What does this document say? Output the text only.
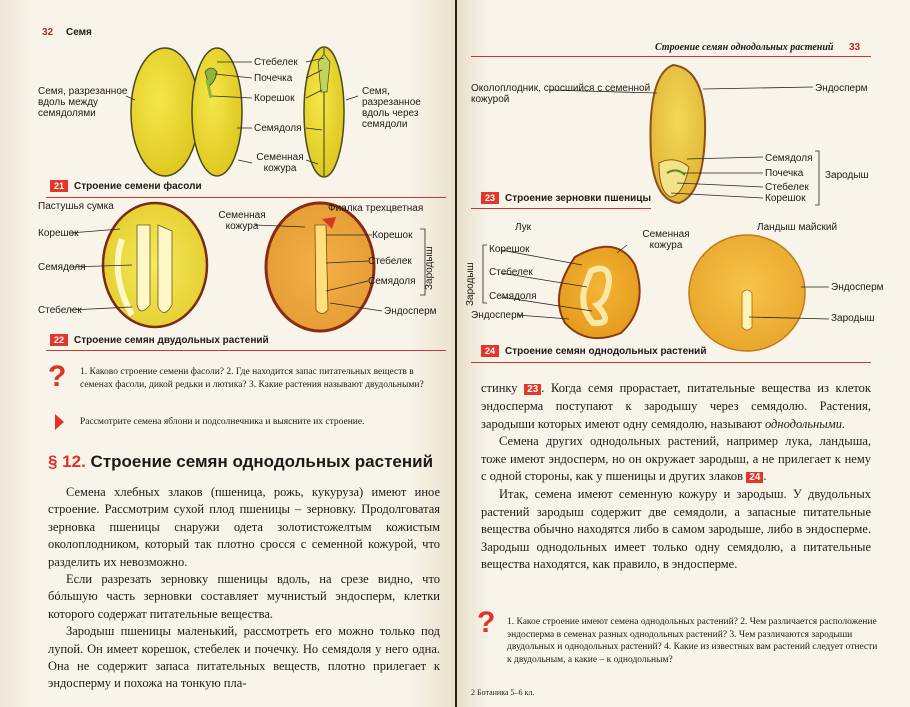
32 Семя
Семя, разрезанное вдоль между семядолями
Семя, разрезанное вдоль через семядоли
Стебелек
Почечка
Корешок
Семядоля
Семенная кожура
21	Строение семени фасоли
Пастушья сумка	Фиалка трехцветная
Семенная кожура
Корешок
Семядоля
Стебелек
Корешок
Стебелек
Семядоля
Эндосперм
Зародыш
22	Строение семян двудольных растений
? 1. Каково строение семени фасоли? 2. Где находится запас питательных веществ в семенах фасоли, дикой редьки и лютика? 3. Какие растения называют двудольными?
Рассмотрите семена яблони и подсолнечника и выясните их строение.
§ 12. Строение семян однодольных растений

Семена хлебных злаков (пшеница, рожь, кукуруза) имеют иное строение. Рассмотрим сухой плод пшеницы – зерновку. Продолговатая зерновка пшеницы снаружи одета золотистожелтым кожистым околоплодником, который так плотно сросся с семенной кожурой, что разделить их невозможно.

Если разрезать зерновку пшеницы вдоль, на срезе видно, что бóльшую часть зерновки составляет мучнистый эндосперм, клетки которого содержат питательные вещества.

Зародыш пшеницы маленький, рассмотреть его можно только под лупой. Он имеет корешок, стебелек и почечку. Но семядоля у него одна. Она не содержит запаса питательных веществ, плотно прилегает к эндосперму и похожа на тонкую пла-

Строение семян однодольных растений 33
Околоплодник, сросшийся с семенной кожурой
Эндосперм
Семядоля
Почечка
Стебелек
Корешок
Зародыш
23	Строение зерновки пшеницы
Лук	Ландыш майский
Семенная кожура
Зародыш
Корешок
Стебелек
Семядоля
Эндосперм
Эндосперм
Зародыш
24	Строение семян однодольных растений

стинку 23 . Когда семя прорастает, питательные вещества из клеток эндосперма поступают к зародышу через семядолю. Растения, зародыши которых имеют одну семядолю, называют однодольными.

Семена других однодольных растений, например лука, ландыша, тоже имеют эндосперм, но он окружает зародыш, а не прилегает к нему с одной стороны, как у пшеницы и других злаков 24 .

Итак, семена имеют семенную кожуру и зародыш. У двудольных растений зародыш содержит две семядоли, а запасные питательные вещества обычно находятся либо в самом зародыше, либо в эндосперме. Зародыш однодольных имеет только одну семядолю, а питательные вещества находятся, как правило, в эндосперме.

? 1. Какое строение имеют семена однодольных растений? 2. Чем различается расположение эндосперма в семенах разных однодольных растений? 3. Чем различаются зародыши двудольных и однодольных растений? 4. Какие из известных вам растений следует отнести к двудольным, а какие – к однодольным?
2 Ботаника 5–6 кл.
